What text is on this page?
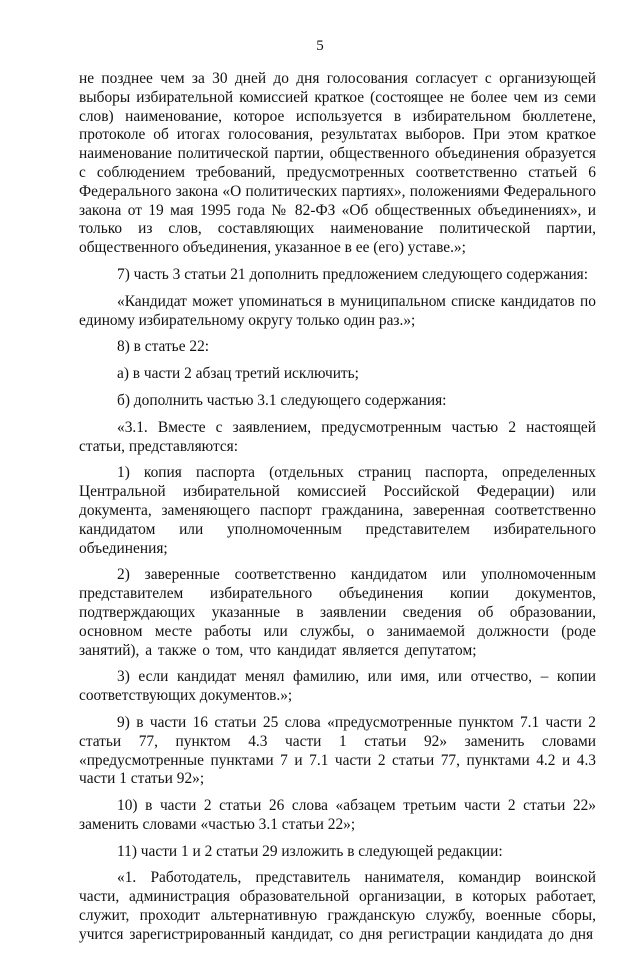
5

не позднее чем за 30 дней до дня голосования согласует с организующей выборы избирательной комиссией краткое (состоящее не более чем из семи слов) наименование, которое используется в избирательном бюллетене, протоколе об итогах голосования, результатах выборов. При этом краткое наименование политической партии, общественного объединения образуется с соблюдением требований, предусмотренных соответственно статьей 6 Федерального закона «О политических партиях», положениями Федерального закона от 19 мая 1995 года № 82-ФЗ «Об общественных объединениях», и только из слов, составляющих наименование политической партии, общественного объединения, указанное в ее (его) уставе.»;

7) часть 3 статьи 21 дополнить предложением следующего содержания:

«Кандидат может упоминаться в муниципальном списке кандидатов по единому избирательному округу только один раз.»;

8) в статье 22:

а) в части 2 абзац третий исключить;

б) дополнить частью 3.1 следующего содержания:

«3.1. Вместе с заявлением, предусмотренным частью 2 настоящей статьи, представляются:

1) копия паспорта (отдельных страниц паспорта, определенных Центральной избирательной комиссией Российской Федерации) или документа, заменяющего паспорт гражданина, заверенная соответственно кандидатом или уполномоченным представителем избирательного объединения;

2) заверенные соответственно кандидатом или уполномоченным представителем избирательного объединения копии документов, подтверждающих указанные в заявлении сведения об образовании, основном месте работы или службы, о занимаемой должности (роде занятий), а также о том, что кандидат является депутатом;

3) если кандидат менял фамилию, или имя, или отчество, – копии соответствующих документов.»;

9) в части 16 статьи 25 слова «предусмотренные пунктом 7.1 части 2 статьи 77, пунктом 4.3 части 1 статьи 92» заменить словами «предусмотренные пунктами 7 и 7.1 части 2 статьи 77, пунктами 4.2 и 4.3 части 1 статьи 92»;

10) в части 2 статьи 26 слова «абзацем третьим части 2 статьи 22» заменить словами «частью 3.1 статьи 22»;

11) части 1 и 2 статьи 29 изложить в следующей редакции:

«1. Работодатель, представитель нанимателя, командир воинской части, администрация образовательной организации, в которых работает, служит, проходит альтернативную гражданскую службу, военные сборы, учится зарегистрированный кандидат, со дня регистрации кандидата до дня
